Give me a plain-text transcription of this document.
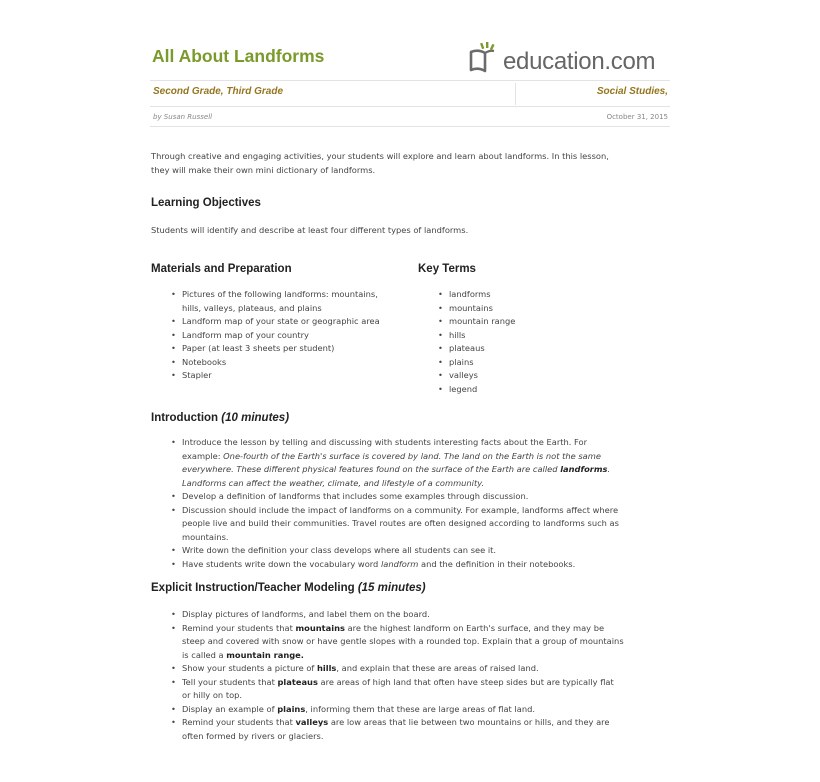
All About Landforms	education.com
Second Grade, Third Grade	Social Studies,
by Susan Russell	October 31, 2015

Through creative and engaging activities, your students will explore and learn about landforms. In this lesson,
they will make their own mini dictionary of landforms.

Learning Objectives

Students will identify and describe at least four different types of landforms.

Materials and Preparation
• Pictures of the following landforms: mountains,
hills, valleys, plateaus, and plains
• Landform map of your state or geographic area
• Landform map of your country
• Paper (at least 3 sheets per student)
• Notebooks
• Stapler
Key Terms
• landforms
• mountains
• mountain range
• hills
• plateaus
• plains
• valleys
• legend
Introduction (10 minutes)
• Introduce the lesson by telling and discussing with students interesting facts about the Earth. For
example: One-fourth of the Earth's surface is covered by land. The land on the Earth is not the same
everywhere. These different physical features found on the surface of the Earth are called landforms.
Landforms can affect the weather, climate, and lifestyle of a community.
• Develop a definition of landforms that includes some examples through discussion.
• Discussion should include the impact of landforms on a community. For example, landforms affect where
people live and build their communities. Travel routes are often designed according to landforms such as
mountains.
• Write down the definition your class develops where all students can see it.
• Have students write down the vocabulary word landform and the definition in their notebooks.
Explicit Instruction/Teacher Modeling (15 minutes)
• Display pictures of landforms, and label them on the board.
• Remind your students that mountains are the highest landform on Earth's surface, and they may be
steep and covered with snow or have gentle slopes with a rounded top. Explain that a group of mountains
is called a mountain range.
• Show your students a picture of hills, and explain that these are areas of raised land.
• Tell your students that plateaus are areas of high land that often have steep sides but are typically flat
or hilly on top.
• Display an example of plains, informing them that these are large areas of flat land.
• Remind your students that valleys are low areas that lie between two mountains or hills, and they are
often formed by rivers or glaciers.
